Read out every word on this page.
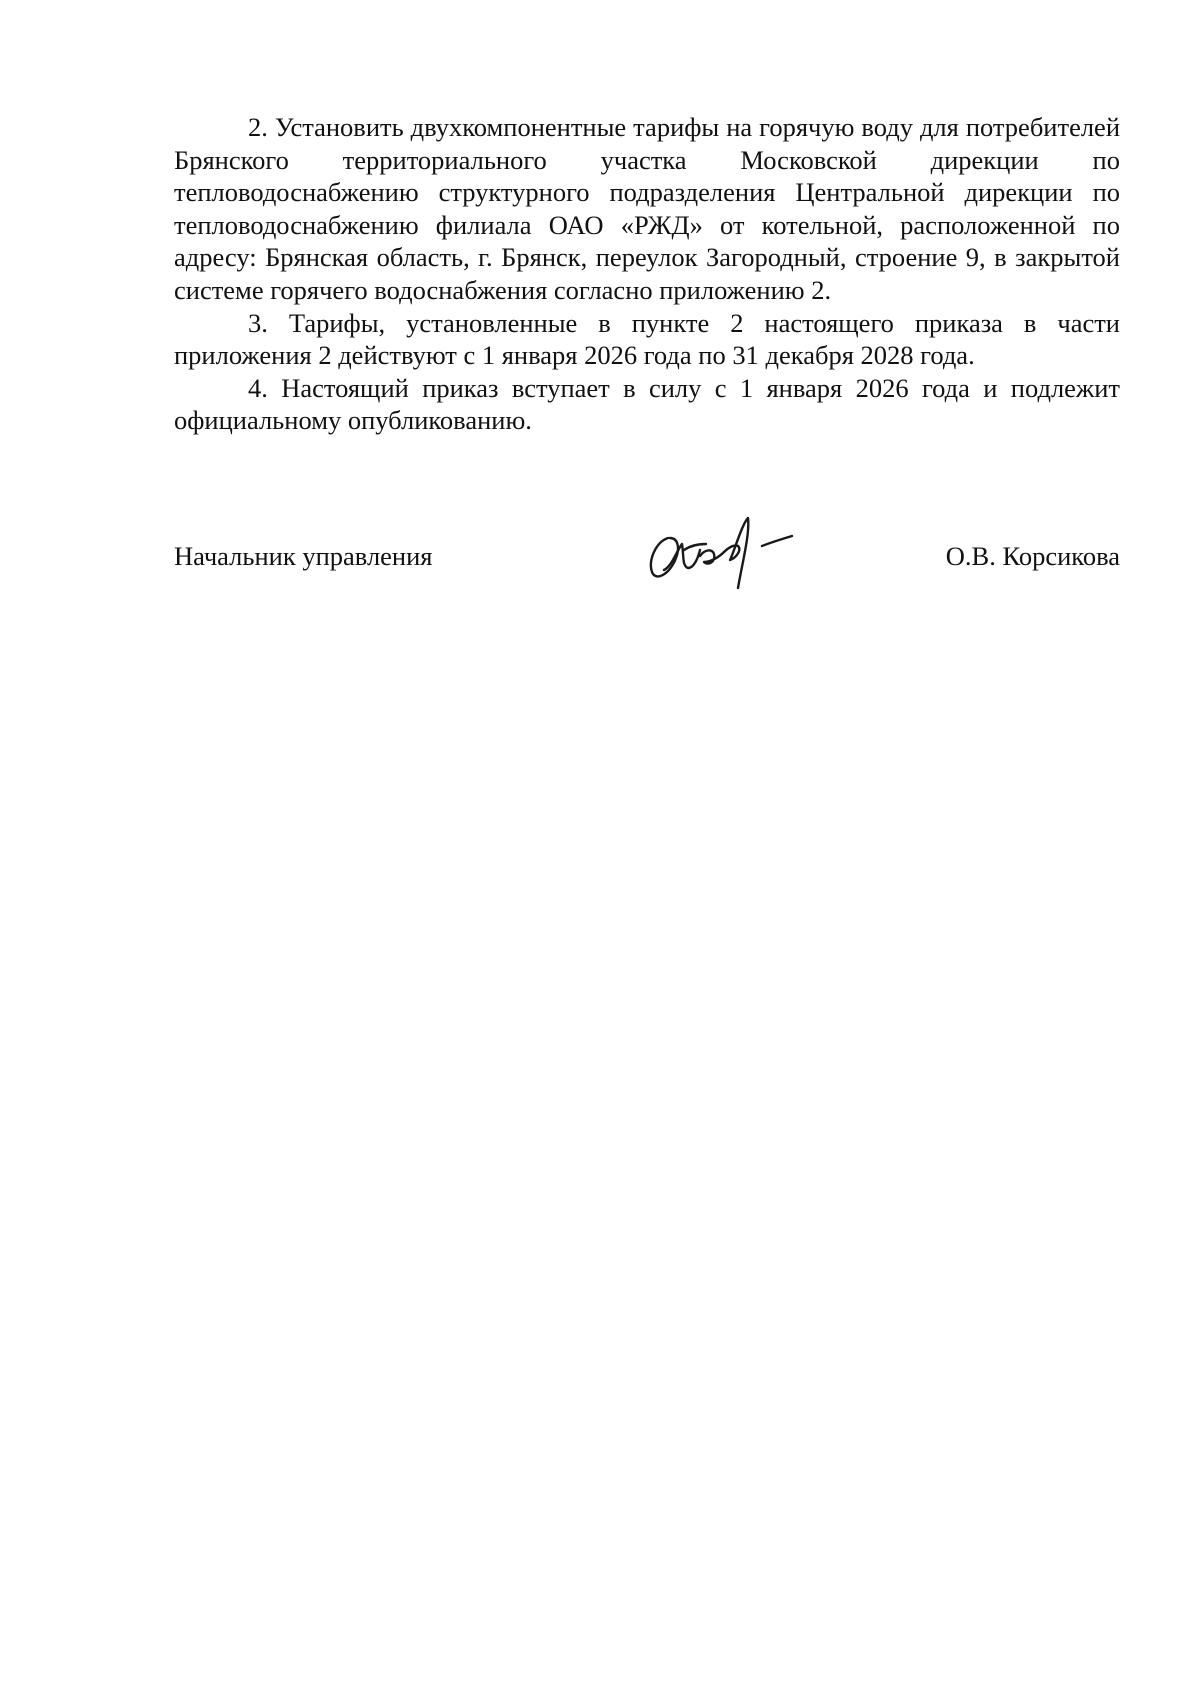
2. Установить двухкомпонентные тарифы на горячую воду для потребителей Брянского территориального участка Московской дирекции по тепловодоснабжению структурного подразделения Центральной дирекции по тепловодоснабжению филиала ОАО «РЖД» от котельной, расположенной по адресу: Брянская область, г. Брянск, переулок Загородный, строение 9, в закрытой системе горячего водоснабжения согласно приложению 2.

3. Тарифы, установленные в пункте 2 настоящего приказа в части приложения 2 действуют с 1 января 2026 года по 31 декабря 2028 года.

4. Настоящий приказ вступает в силу с 1 января 2026 года и подлежит официальному опубликованию.

Начальник управления	О.В. Корсикова
